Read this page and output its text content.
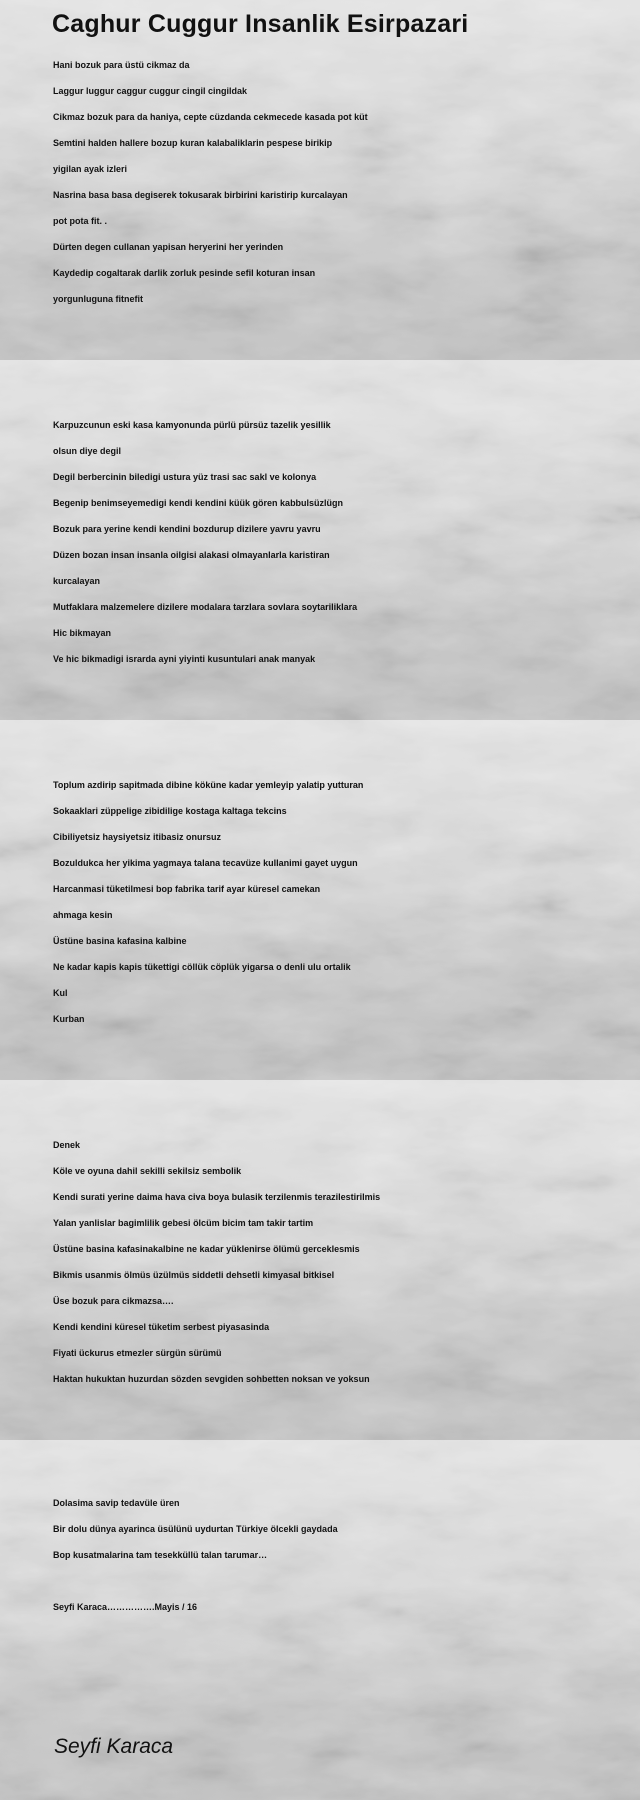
Caghur Cuggur Insanlik Esirpazari
Hani bozuk para üstü cikmaz da
Laggur luggur caggur cuggur cingil cingildak
Cikmaz bozuk para da haniya, cepte cüzdanda cekmecede kasada pot küt
Semtini halden hallere bozup kuran kalabaliklarin pespese birikip
yigilan ayak izleri
Nasrina basa basa degiserek tokusarak birbirini karistirip kurcalayan
pot pota fit. .
Dürten degen cullanan yapisan heryerini her yerinden
Kaydedip cogaltarak darlik zorluk pesinde sefil koturan insan
yorgunluguna fitnefit
Karpuzcunun eski kasa kamyonunda pürlü pürsüz tazelik yesillik
olsun diye degil
Degil berbercinin biledigi ustura yüz trasi sac sakl ve kolonya
Begenip benimseyemedigi kendi kendini küük gören kabbulsüzlügn
Bozuk para yerine kendi kendini bozdurup dizilere yavru yavru
Düzen bozan insan insanla oilgisi alakasi olmayanlarla karistiran
kurcalayan
Mutfaklara malzemelere dizilere modalara tarzlara sovlara soytariliklara
Hic bikmayan
Ve hic bikmadigi israrda ayni yiyinti kusuntulari anak manyak
Toplum azdirip sapitmada dibine köküne kadar yemleyip yalatip yutturan
Sokaaklari züppelige zibidilige kostaga kaltaga tekcins
Cibiliyetsiz haysiyetsiz itibasiz onursuz
Bozuldukca her yikima yagmaya talana tecavüze kullanimi gayet uygun
Harcanmasi tüketilmesi bop fabrika tarif ayar küresel camekan
ahmaga kesin
Üstüne basina kafasina kalbine
Ne kadar kapis kapis tükettigi cöllük cöplük yigarsa o denli ulu ortalik
Kul
Kurban
Denek
Köle ve oyuna dahil sekilli sekilsiz sembolik
Kendi surati yerine daima hava civa boya bulasik terzilenmis terazilestirilmis
Yalan yanlislar bagimlilik gebesi ölcüm bicim tam takir tartim
Üstüne basina kafasinakalbine ne kadar yüklenirse ölümü gerceklesmis
Bikmis usanmis ölmüs üzülmüs siddetli dehsetli kimyasal bitkisel
Üse bozuk para cikmazsa….
Kendi kendini küresel tüketim serbest piyasasinda
Fiyati ückurus etmezler sürgün sürümü
Haktan hukuktan huzurdan sözden sevgiden sohbetten noksan ve yoksun
Dolasima savip tedavüle üren
Bir dolu dünya ayarinca üsülünü uydurtan Türkiye ölcekli gaydada
Bop kusatmalarina tam tesekküllü talan tarumar…
Seyfi Karaca…………….Mayis / 16
Seyfi Karaca
